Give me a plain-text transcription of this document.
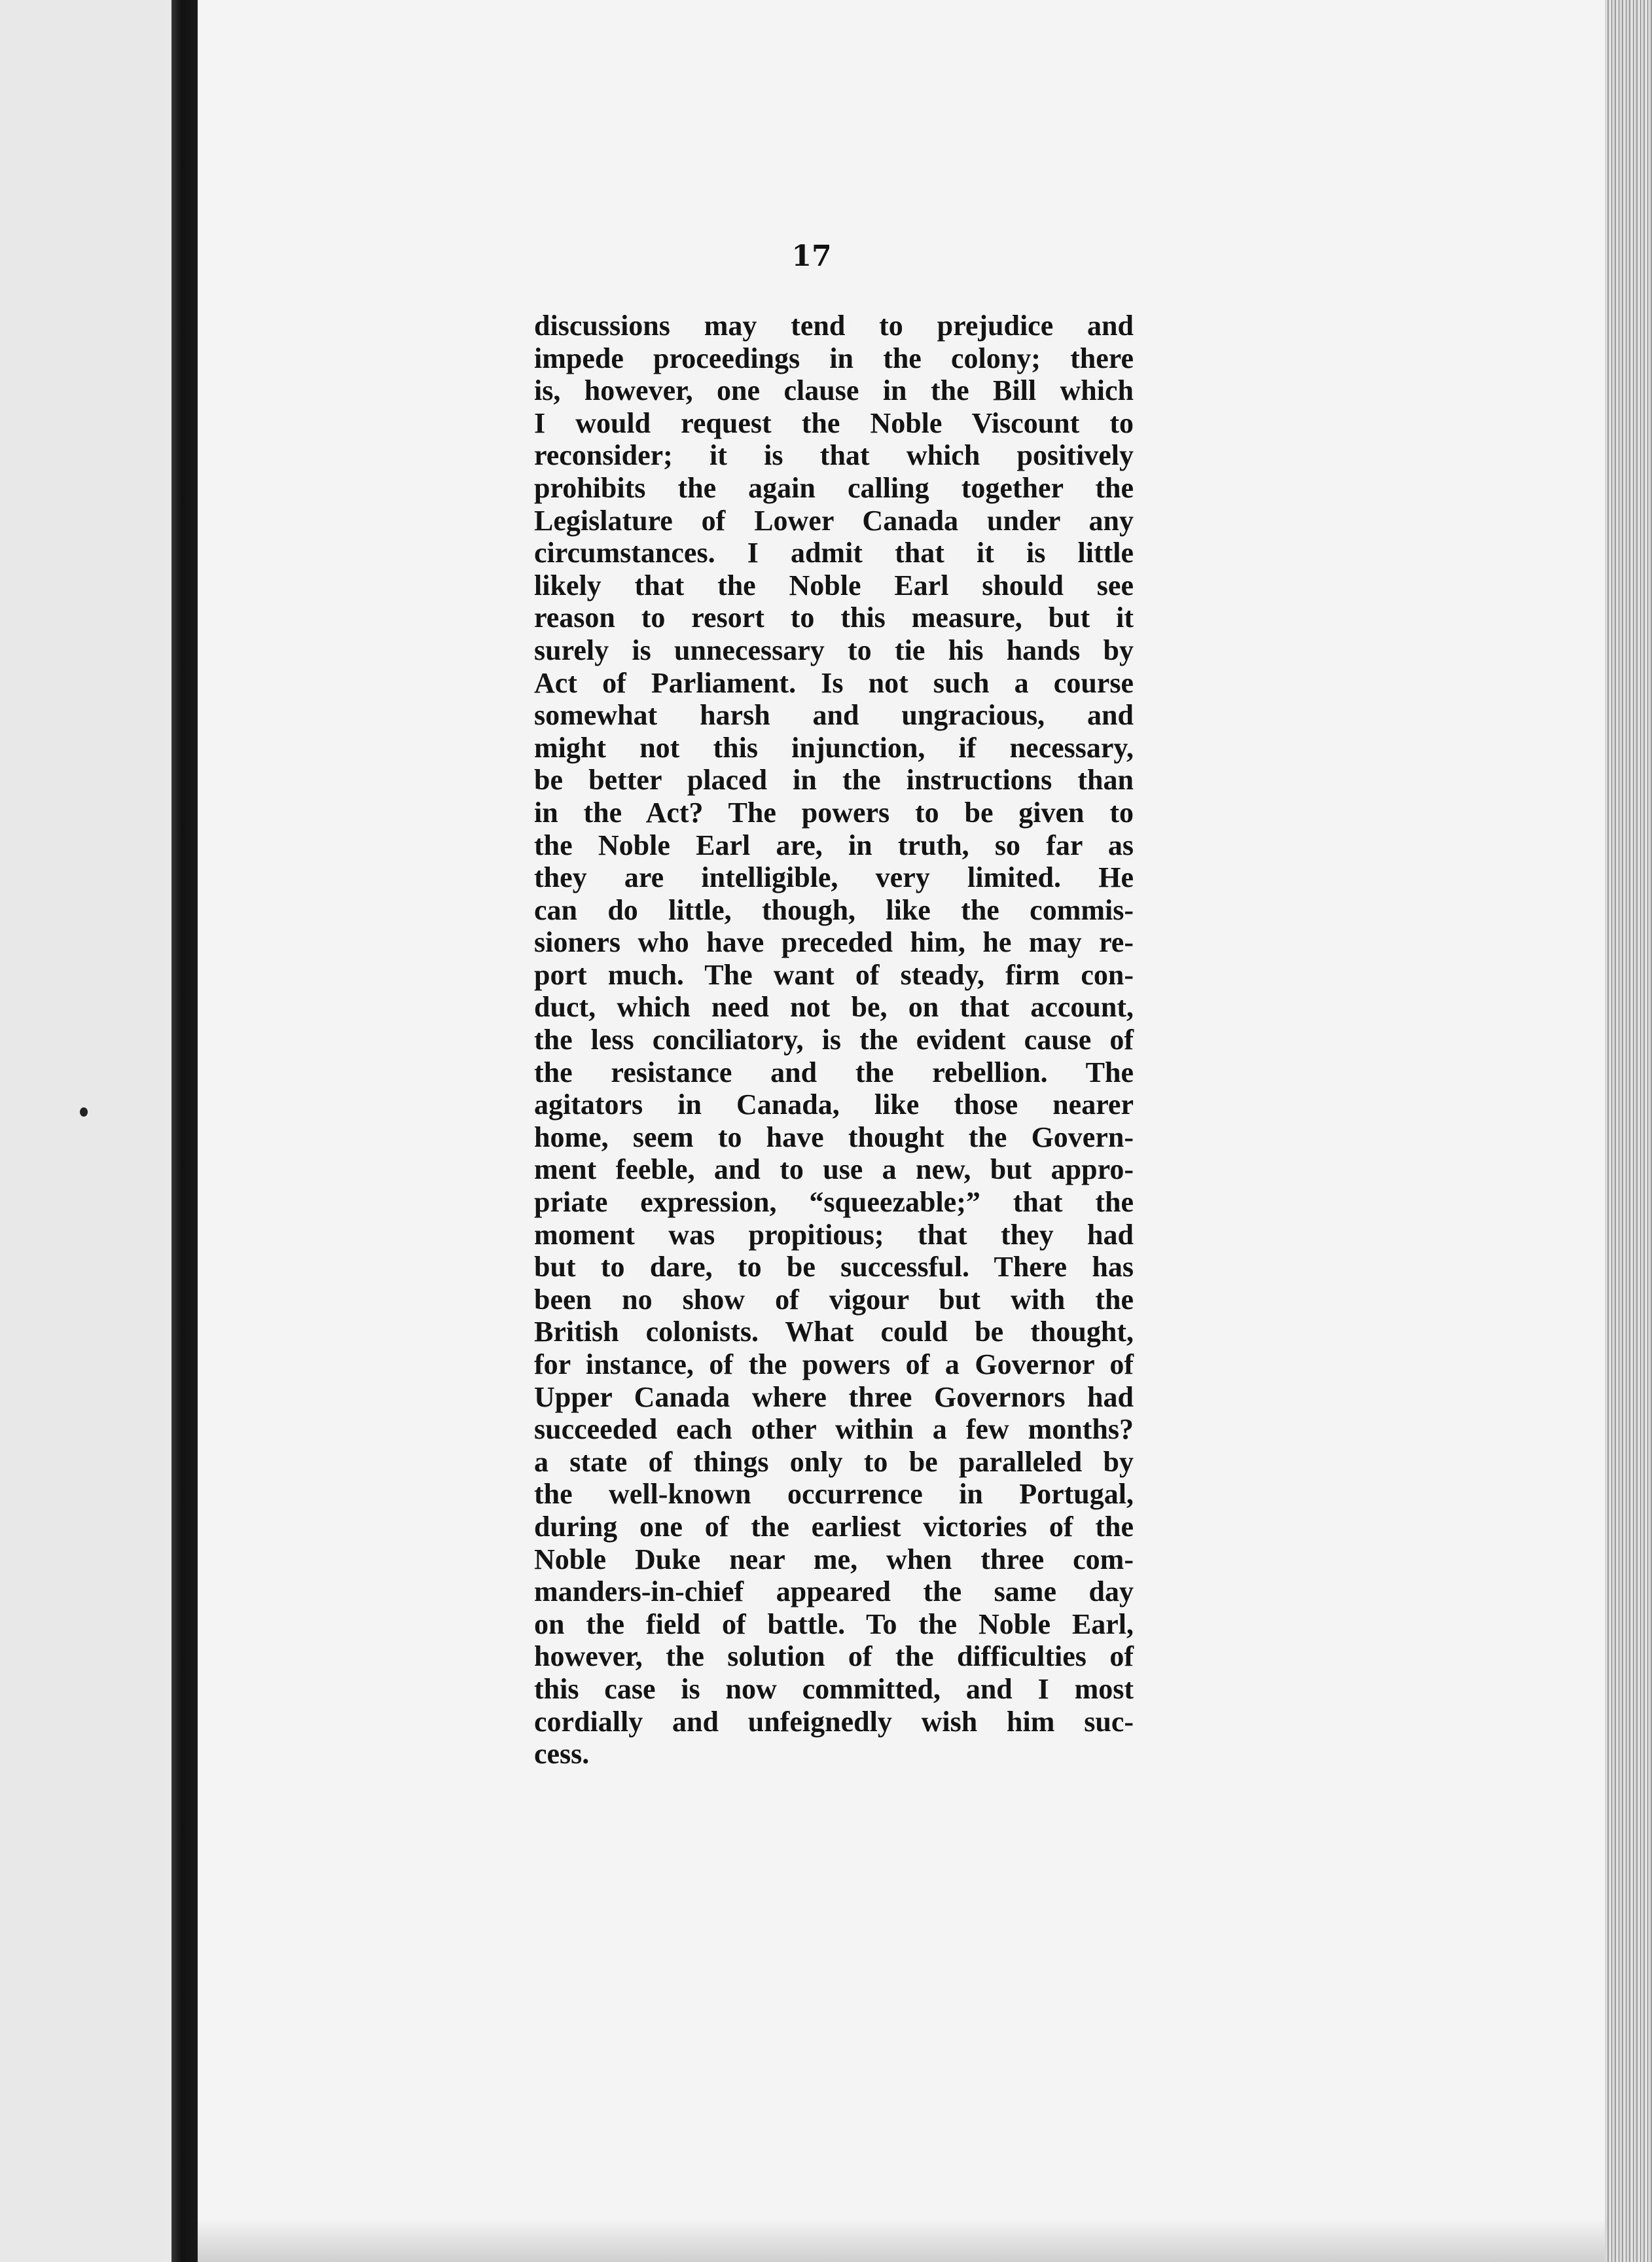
17
discussions may tend to prejudice and
impede proceedings in the colony; there
is, however, one clause in the Bill which
I would request the Noble Viscount to
reconsider; it is that which positively
prohibits the again calling together the
Legislature of Lower Canada under any
circumstances. I admit that it is little
likely that the Noble Earl should see
reason to resort to this measure, but it
surely is unnecessary to tie his hands by
Act of Parliament. Is not such a course
somewhat harsh and ungracious, and
might not this injunction, if necessary,
be better placed in the instructions than
in the Act? The powers to be given to
the Noble Earl are, in truth, so far as
they are intelligible, very limited. He
can do little, though, like the commis-
sioners who have preceded him, he may re-
port much. The want of steady, firm con-
duct, which need not be, on that account,
the less conciliatory, is the evident cause of
the resistance and the rebellion. The
agitators in Canada, like those nearer
home, seem to have thought the Govern-
ment feeble, and to use a new, but appro-
priate expression, “squeezable;” that the
moment was propitious; that they had
but to dare, to be successful. There has
been no show of vigour but with the
British colonists. What could be thought,
for instance, of the powers of a Governor of
Upper Canada where three Governors had
succeeded each other within a few months?
a state of things only to be paralleled by
the well-known occurrence in Portugal,
during one of the earliest victories of the
Noble Duke near me, when three com-
manders-in-chief appeared the same day
on the field of battle. To the Noble Earl,
however, the solution of the difficulties of
this case is now committed, and I most
cordially and unfeignedly wish him suc-
cess.
